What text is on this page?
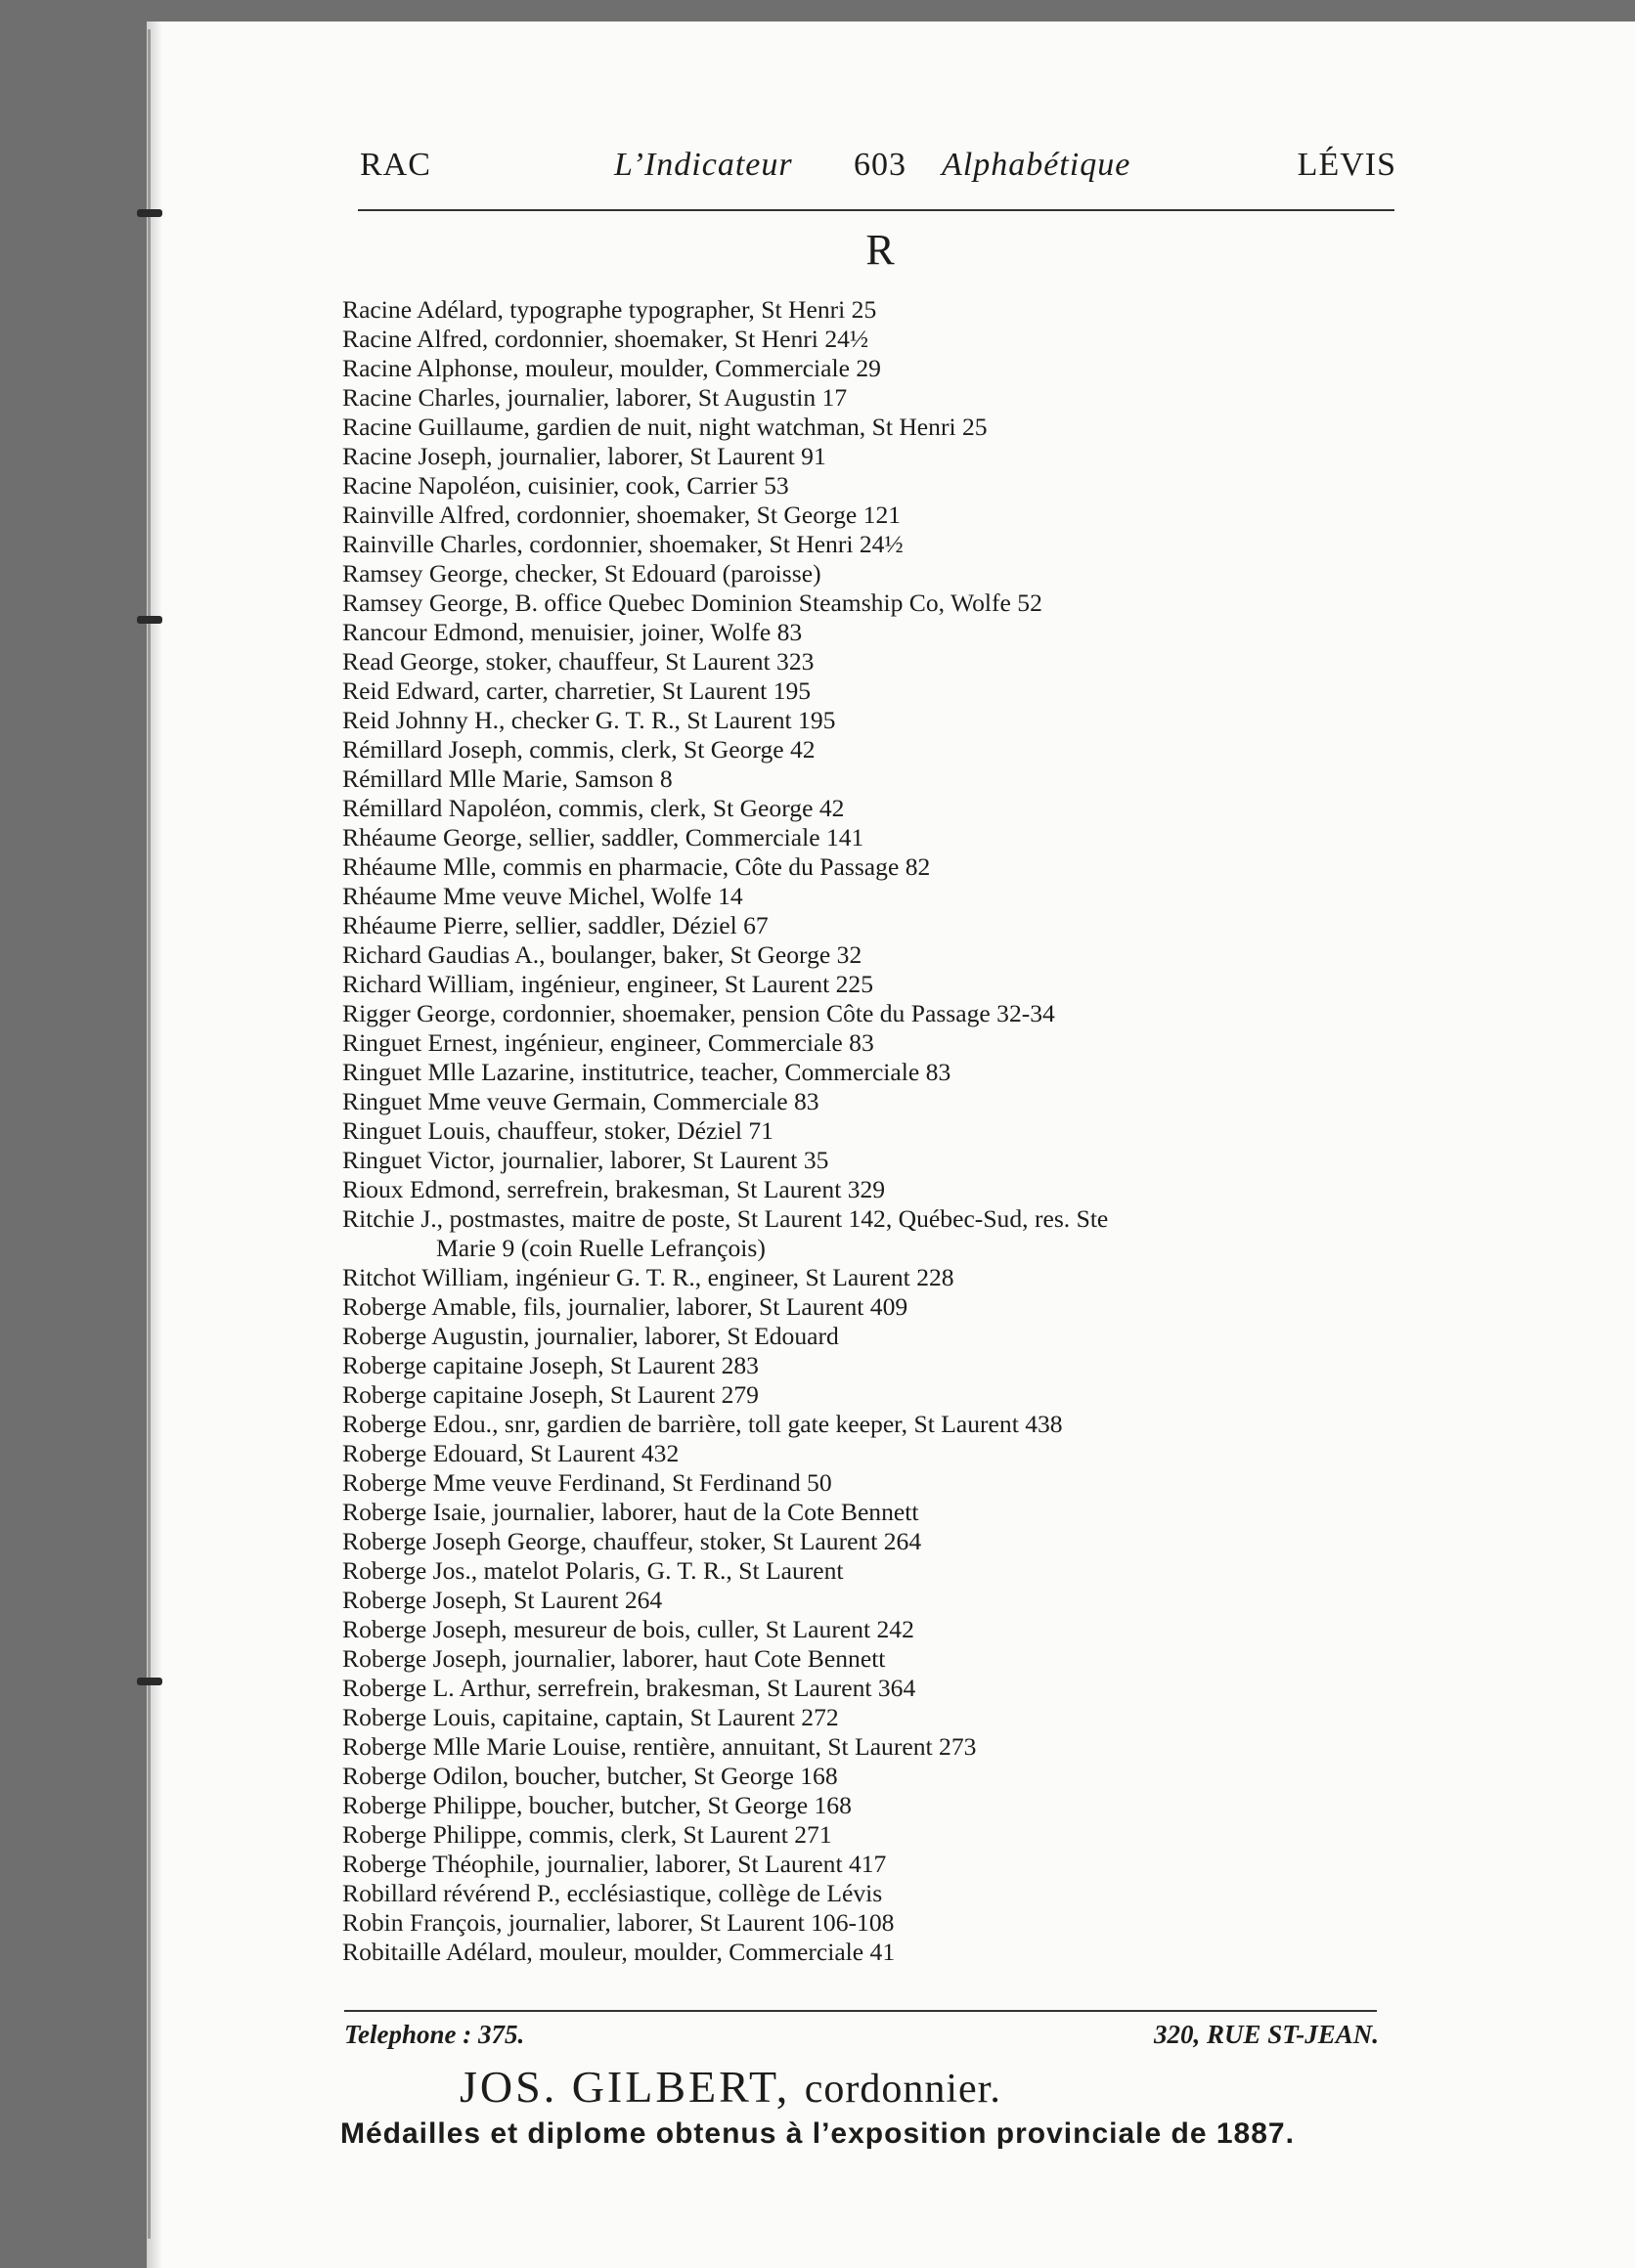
RAC	L’Indicateur 603 Alphabétique	LÉVIS
R
Racine Adélard, typographe typographer, St Henri 25
Racine Alfred, cordonnier, shoemaker, St Henri 24½
Racine Alphonse, mouleur, moulder, Commerciale 29
Racine Charles, journalier, laborer, St Augustin 17
Racine Guillaume, gardien de nuit, night watchman, St Henri 25
Racine Joseph, journalier, laborer, St Laurent 91
Racine Napoléon, cuisinier, cook, Carrier 53
Rainville Alfred, cordonnier, shoemaker, St George 121
Rainville Charles, cordonnier, shoemaker, St Henri 24½
Ramsey George, checker, St Edouard (paroisse)
Ramsey George, B. office Quebec Dominion Steamship Co, Wolfe 52
Rancour Edmond, menuisier, joiner, Wolfe 83
Read George, stoker, chauffeur, St Laurent 323
Reid Edward, carter, charretier, St Laurent 195
Reid Johnny H., checker G. T. R., St Laurent 195
Rémillard Joseph, commis, clerk, St George 42
Rémillard Mlle Marie, Samson 8
Rémillard Napoléon, commis, clerk, St George 42
Rhéaume George, sellier, saddler, Commerciale 141
Rhéaume Mlle, commis en pharmacie, Côte du Passage 82
Rhéaume Mme veuve Michel, Wolfe 14
Rhéaume Pierre, sellier, saddler, Déziel 67
Richard Gaudias A., boulanger, baker, St George 32
Richard William, ingénieur, engineer, St Laurent 225
Rigger George, cordonnier, shoemaker, pension Côte du Passage 32-34
Ringuet Ernest, ingénieur, engineer, Commerciale 83
Ringuet Mlle Lazarine, institutrice, teacher, Commerciale 83
Ringuet Mme veuve Germain, Commerciale 83
Ringuet Louis, chauffeur, stoker, Déziel 71
Ringuet Victor, journalier, laborer, St Laurent 35
Rioux Edmond, serrefrein, brakesman, St Laurent 329
Ritchie J., postmastes, maitre de poste, St Laurent 142, Québec-Sud, res. Ste
Marie 9 (coin Ruelle Lefrançois)
Ritchot William, ingénieur G. T. R., engineer, St Laurent 228
Roberge Amable, fils, journalier, laborer, St Laurent 409
Roberge Augustin, journalier, laborer, St Edouard
Roberge capitaine Joseph, St Laurent 283
Roberge capitaine Joseph, St Laurent 279
Roberge Edou., snr, gardien de barrière, toll gate keeper, St Laurent 438
Roberge Edouard, St Laurent 432
Roberge Mme veuve Ferdinand, St Ferdinand 50
Roberge Isaie, journalier, laborer, haut de la Cote Bennett
Roberge Joseph George, chauffeur, stoker, St Laurent 264
Roberge Jos., matelot Polaris, G. T. R., St Laurent
Roberge Joseph, St Laurent 264
Roberge Joseph, mesureur de bois, culler, St Laurent 242
Roberge Joseph, journalier, laborer, haut Cote Bennett
Roberge L. Arthur, serrefrein, brakesman, St Laurent 364
Roberge Louis, capitaine, captain, St Laurent 272
Roberge Mlle Marie Louise, rentière, annuitant, St Laurent 273
Roberge Odilon, boucher, butcher, St George 168
Roberge Philippe, boucher, butcher, St George 168
Roberge Philippe, commis, clerk, St Laurent 271
Roberge Théophile, journalier, laborer, St Laurent 417
Robillard révérend P., ecclésiastique, collège de Lévis
Robin François, journalier, laborer, St Laurent 106-108
Robitaille Adélard, mouleur, moulder, Commerciale 41
Telephone : 375.	320, RUE ST-JEAN.
JOS. GILBERT, cordonnier.
Médailles et diplome obtenus à l’exposition provinciale de 1887.
